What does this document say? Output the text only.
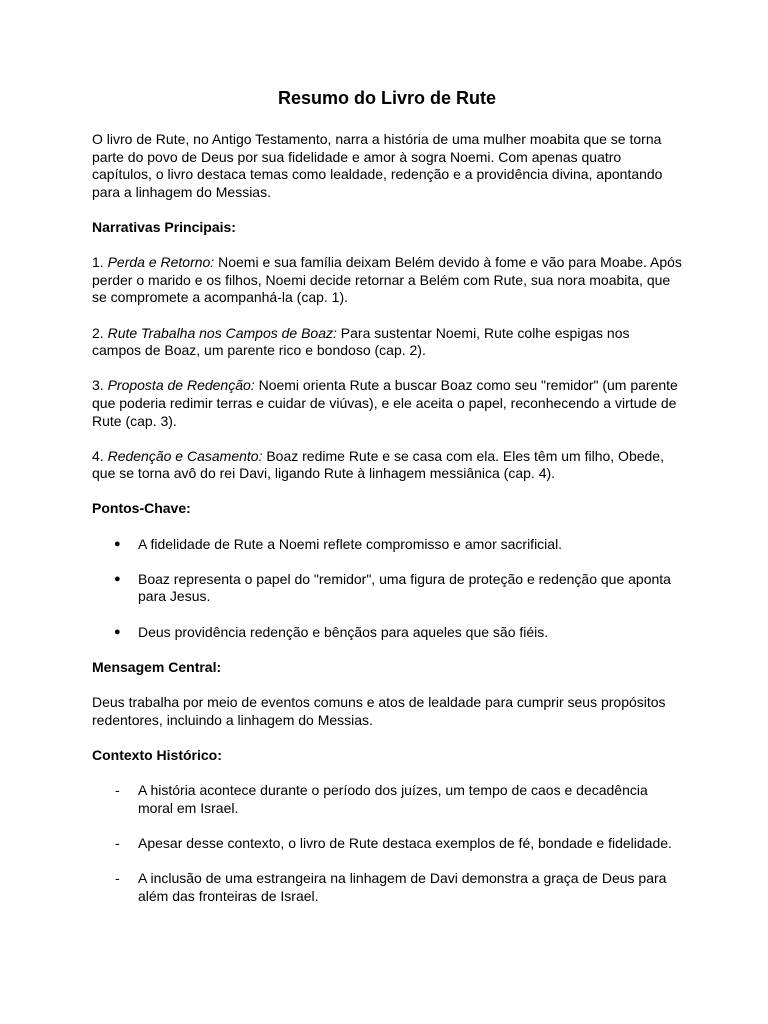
Resumo do Livro de Rute

O livro de Rute, no Antigo Testamento, narra a história de uma mulher moabita que se torna parte do povo de Deus por sua fidelidade e amor à sogra Noemi. Com apenas quatro capítulos, o livro destaca temas como lealdade, redenção e a providência divina, apontando para a linhagem do Messias.

Narrativas Principais:

1. Perda e Retorno: Noemi e sua família deixam Belém devido à fome e vão para Moabe. Após perder o marido e os filhos, Noemi decide retornar a Belém com Rute, sua nora moabita, que se compromete a acompanhá-la (cap. 1).

2. Rute Trabalha nos Campos de Boaz: Para sustentar Noemi, Rute colhe espigas nos campos de Boaz, um parente rico e bondoso (cap. 2).

3. Proposta de Redenção: Noemi orienta Rute a buscar Boaz como seu "remidor" (um parente que poderia redimir terras e cuidar de viúvas), e ele aceita o papel, reconhecendo a virtude de Rute (cap. 3).

4. Redenção e Casamento: Boaz redime Rute e se casa com ela. Eles têm um filho, Obede, que se torna avô do rei Davi, ligando Rute à linhagem messiânica (cap. 4).

Pontos-Chave:
● A fidelidade de Rute a Noemi reflete compromisso e amor sacrificial.
● Boaz representa o papel do "remidor", uma figura de proteção e redenção que aponta para Jesus.
● Deus providência redenção e bênçãos para aqueles que são fiéis.
Mensagem Central:

Deus trabalha por meio de eventos comuns e atos de lealdade para cumprir seus propósitos redentores, incluindo a linhagem do Messias.

Contexto Histórico:
- A história acontece durante o período dos juízes, um tempo de caos e decadência moral em Israel.
- Apesar desse contexto, o livro de Rute destaca exemplos de fé, bondade e fidelidade.
- A inclusão de uma estrangeira na linhagem de Davi demonstra a graça de Deus para além das fronteiras de Israel.
